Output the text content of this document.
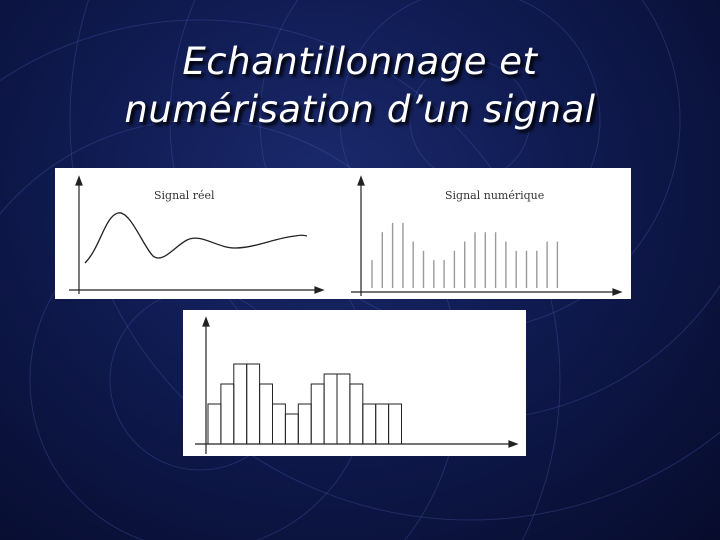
Echantillonnage et
numérisation d’un signal
Signal réel	Signal numérique
